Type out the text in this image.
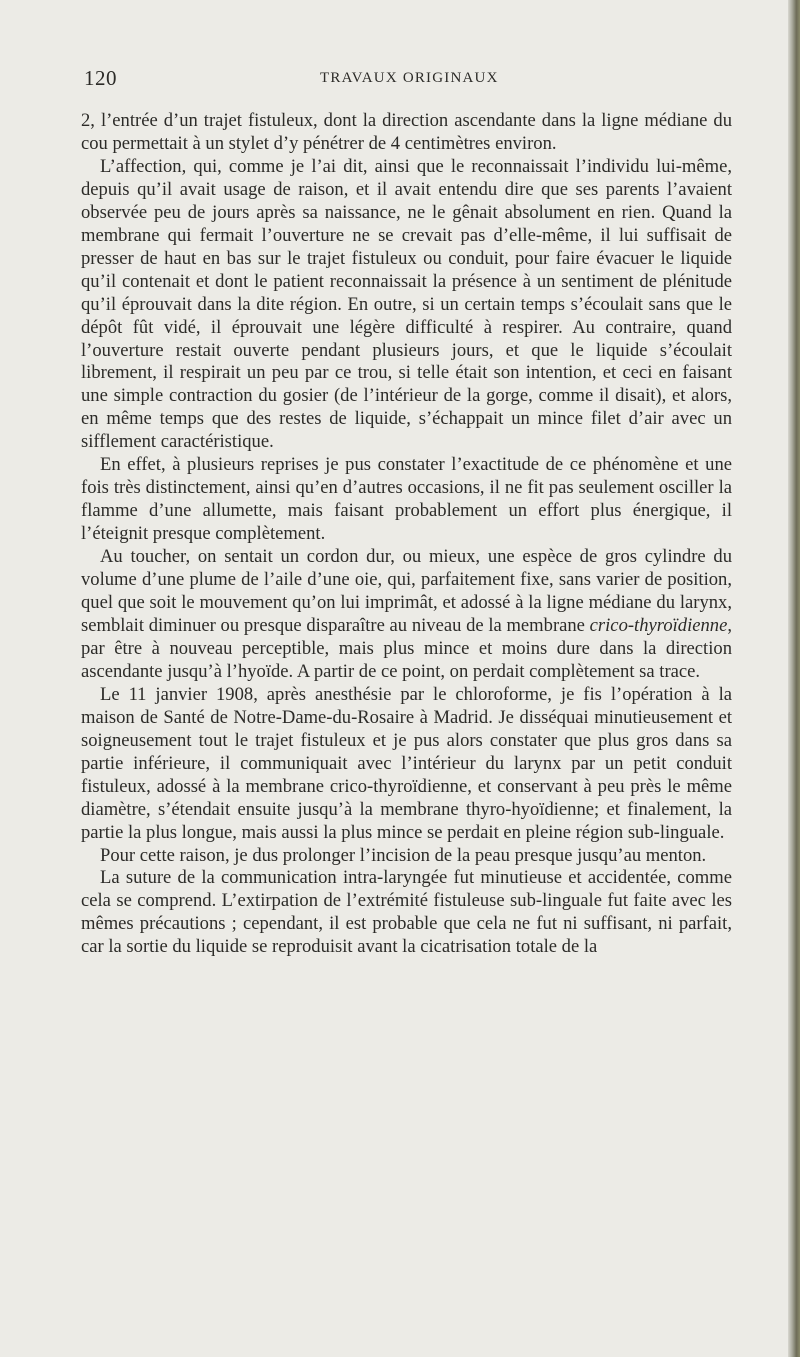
120	TRAVAUX ORIGINAUX

2, l’entrée d’un trajet fistuleux, dont la direction ascendante dans la ligne médiane du cou permettait à un stylet d’y pénétrer de 4 centimètres environ.

L’affection, qui, comme je l’ai dit, ainsi que le reconnaissait l’individu lui-même, depuis qu’il avait usage de raison, et il avait entendu dire que ses parents l’avaient observée peu de jours après sa naissance, ne le gênait absolument en rien. Quand la membrane qui fermait l’ouverture ne se crevait pas d’elle-même, il lui suffisait de presser de haut en bas sur le trajet fistuleux ou conduit, pour faire évacuer le liquide qu’il contenait et dont le patient reconnaissait la présence à un sentiment de plénitude qu’il éprouvait dans la dite région. En outre, si un certain temps s’écoulait sans que le dépôt fût vidé, il éprouvait une légère difficulté à respirer. Au contraire, quand l’ouverture restait ouverte pendant plusieurs jours, et que le liquide s’écoulait librement, il respirait un peu par ce trou, si telle était son intention, et ceci en faisant une simple contraction du gosier (de l’intérieur de la gorge, comme il disait), et alors, en même temps que des restes de liquide, s’échappait un mince filet d’air avec un sifflement caractéristique.

En effet, à plusieurs reprises je pus constater l’exactitude de ce phénomène et une fois très distinctement, ainsi qu’en d’autres occasions, il ne fit pas seulement osciller la flamme d’une allumette, mais faisant probablement un effort plus énergique, il l’éteignit presque complètement.

Au toucher, on sentait un cordon dur, ou mieux, une espèce de gros cylindre du volume d’une plume de l’aile d’une oie, qui, parfaitement fixe, sans varier de position, quel que soit le mouvement qu’on lui imprimât, et adossé à la ligne médiane du larynx, semblait diminuer ou presque disparaître au niveau de la membrane crico-thyroïdienne, par être à nouveau perceptible, mais plus mince et moins dure dans la direction ascendante jusqu’à l’hyoïde. A partir de ce point, on perdait complètement sa trace.

Le 11 janvier 1908, après anesthésie par le chloroforme, je fis l’opération à la maison de Santé de Notre-Dame-du-Rosaire à Madrid. Je disséquai minutieusement et soigneusement tout le trajet fistuleux et je pus alors constater que plus gros dans sa partie inférieure, il communiquait avec l’intérieur du larynx par un petit conduit fistuleux, adossé à la membrane crico-thyroïdienne, et conservant à peu près le même diamètre, s’étendait ensuite jusqu’à la membrane thyro-hyoïdienne; et finalement, la partie la plus longue, mais aussi la plus mince se perdait en pleine région sub-linguale.

Pour cette raison, je dus prolonger l’incision de la peau presque jusqu’au menton.

La suture de la communication intra-laryngée fut minutieuse et accidentée, comme cela se comprend. L’extirpation de l’extrémité fistuleuse sub-linguale fut faite avec les mêmes précautions ; cependant, il est probable que cela ne fut ni suffisant, ni parfait, car la sortie du liquide se reproduisit avant la cicatrisation totale de la
